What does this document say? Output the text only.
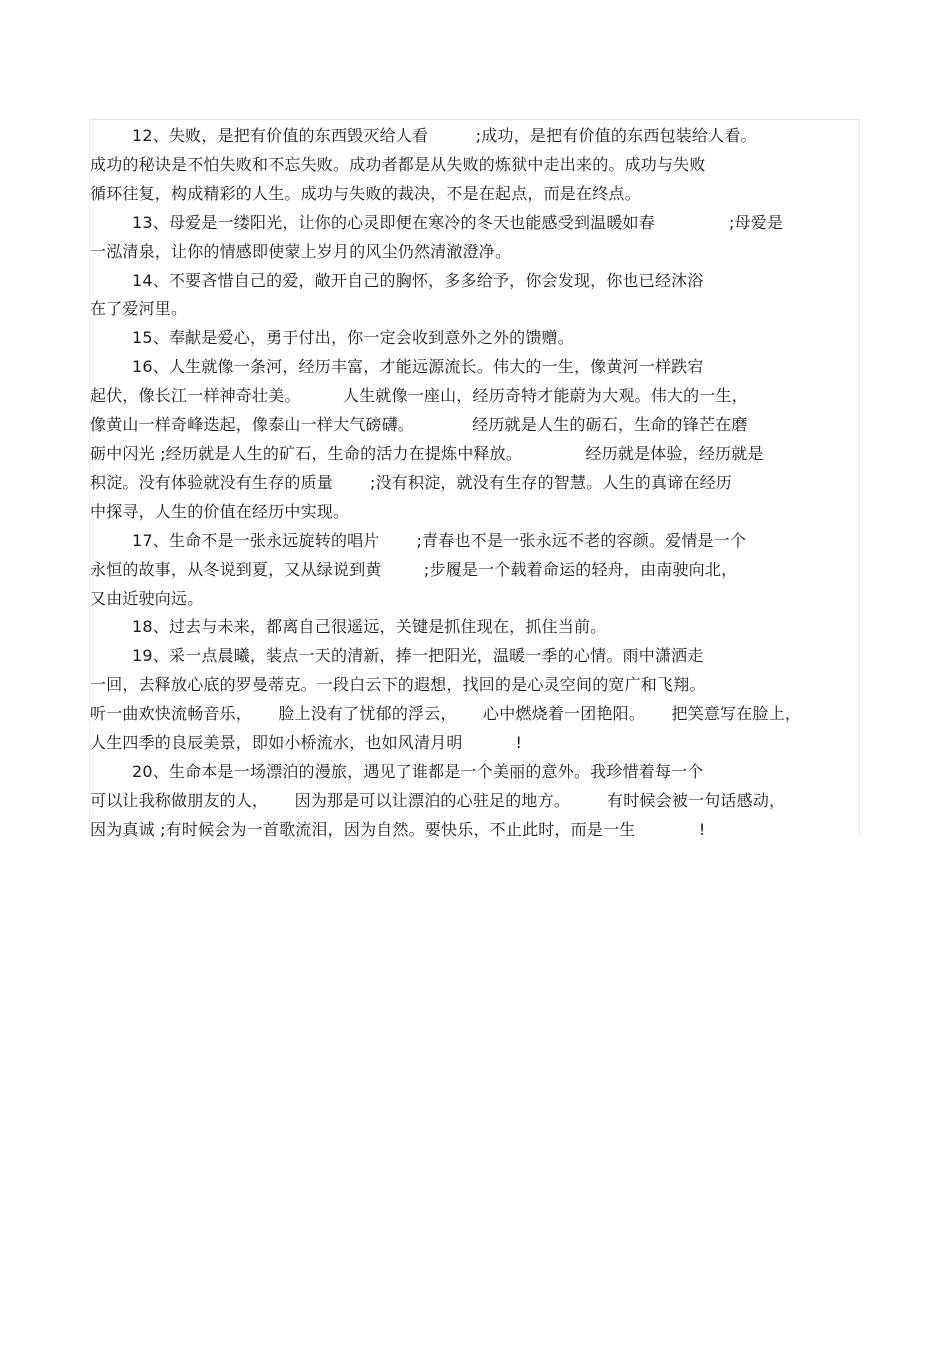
12、失败，是把有价值的东西毁灭给人看         ;成功，是把有价值的东西包装给人看。
成功的秘诀是不怕失败和不忘失败。成功者都是从失败的炼狱中走出来的。成功与失败
循环往复，构成精彩的人生。成功与失败的裁决，不是在起点，而是在终点。
13、母爱是一缕阳光，让你的心灵即便在寒冷的冬天也能感受到温暖如春              ;母爱是
一泓清泉，让你的情感即使蒙上岁月的风尘仍然清澈澄净。
14、不要吝惜自己的爱，敞开自己的胸怀，多多给予，你会发现，你也已经沐浴
在了爱河里。
15、奉献是爱心，勇于付出，你一定会收到意外之外的馈赠。
16、人生就像一条河，经历丰富，才能远源流长。伟大的一生，像黄河一样跌宕
起伏，像长江一样神奇壮美。        人生就像一座山，经历奇特才能蔚为大观。伟大的一生，
像黄山一样奇峰迭起，像泰山一样大气磅礴。           经历就是人生的砺石，生命的锋芒在磨
砺中闪光 ;经历就是人生的矿石，生命的活力在提炼中释放。            经历就是体验，经历就是
积淀。没有体验就没有生存的质量       ;没有积淀，就没有生存的智慧。人生的真谛在经历
中探寻，人生的价值在经历中实现。
17、生命不是一张永远旋转的唱片       ;青春也不是一张永远不老的容颜。爱情是一个
永恒的故事，从冬说到夏，又从绿说到黄        ;步履是一个载着命运的轻舟，由南驶向北，
又由近驶向远。
18、过去与未来，都离自己很遥远，关键是抓住现在，抓住当前。
19、采一点晨曦，装点一天的清新，捧一把阳光，温暖一季的心情。雨中潇洒走
一回，去释放心底的罗曼蒂克。一段白云下的遐想，找回的是心灵空间的宽广和飞翔。
听一曲欢快流畅音乐，     脸上没有了忧郁的浮云，     心中燃烧着一团艳阳。     把笑意写在脸上，
人生四季的良辰美景，即如小桥流水，也如风清月明          !
20、生命本是一场漂泊的漫旅，遇见了谁都是一个美丽的意外。我珍惜着每一个
可以让我称做朋友的人，     因为那是可以让漂泊的心驻足的地方。       有时候会被一句话感动，
因为真诚 ;有时候会为一首歌流泪，因为自然。要快乐，不止此时，而是一生            !
